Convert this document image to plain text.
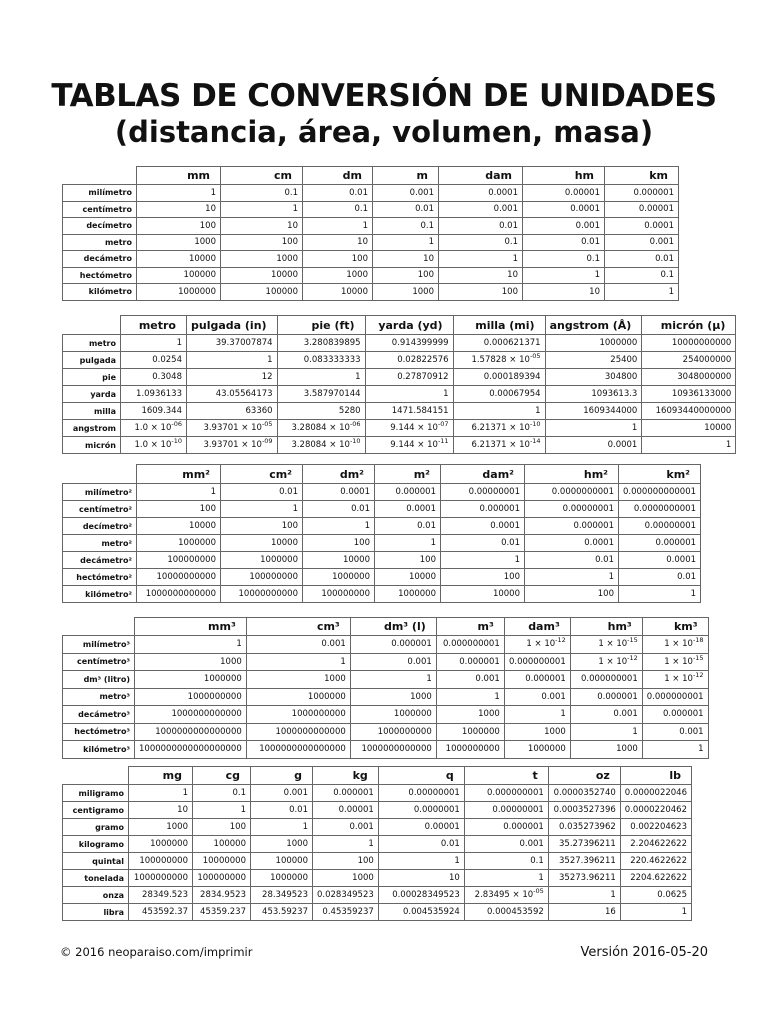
TABLAS DE CONVERSIÓN DE UNIDADES
(distancia, área, volumen, masa)
	mm	cm	dm	m	dam	hm	km
milímetro	1	0.1	0.01	0.001	0.0001	0.00001	0.000001
centímetro	10	1	0.1	0.01	0.001	0.0001	0.00001
decímetro	100	10	1	0.1	0.01	0.001	0.0001
metro	1000	100	10	1	0.1	0.01	0.001
decámetro	10000	1000	100	10	1	0.1	0.01
hectómetro	100000	10000	1000	100	10	1	0.1
kilómetro	1000000	100000	10000	1000	100	10	1
	metro	pulgada (in)	pie (ft)	yarda (yd)	milla (mi)	angstrom (Å)	micrón (µ)
metro	1	39.37007874	3.280839895	0.914399999	0.000621371	1000000	10000000000
pulgada	0.0254	1	0.083333333	0.02822576	$1.57828 \times 10^{-05}$	25400	254000000
pie	0.3048	12	1	0.27870912	0.000189394	304800	3048000000
yarda	1.0936133	43.05564173	3.587970144	1	0.00067954	1093613.3	10936133000
milla	1609.344	63360	5280	1471.584151	1	1609344000	16093440000000
angstrom	$1.0 \times 10^{-06}$	$3.93701 \times 10^{-05}$	$3.28084 \times 10^{-06}$	$9.144 \times 10^{-07}$	$6.21371 \times 10^{-10}$	1	10000
micrón	$1.0 \times 10^{-10}$	$3.93701 \times 10^{-09}$	$3.28084 \times 10^{-10}$	$9.144 \times 10^{-11}$	$6.21371 \times 10^{-14}$	0.0001	1
	mm²	cm²	dm²	m²	dam²	hm²	km²
milímetro²	1	0.01	0.0001	0.000001	0.00000001	0.0000000001	0.000000000001
centímetro²	100	1	0.01	0.0001	0.000001	0.00000001	0.0000000001
decímetro²	10000	100	1	0.01	0.0001	0.000001	0.00000001
metro²	1000000	10000	100	1	0.01	0.0001	0.000001
decámetro²	100000000	1000000	10000	100	1	0.01	0.0001
hectómetro²	10000000000	100000000	1000000	10000	100	1	0.01
kilómetro²	1000000000000	10000000000	100000000	1000000	10000	100	1
	mm³	cm³	dm³ (l)	m³	dam³	hm³	km³
milímetro³	1	0.001	0.000001	0.000000001	$1 \times 10^{-12}$	$1 \times 10^{-15}$	$1 \times 10^{-18}$
centímetro³	1000	1	0.001	0.000001	0.000000001	$1 \times 10^{-12}$	$1 \times 10^{-15}$
dm³ (litro)	1000000	1000	1	0.001	0.000001	0.000000001	$1 \times 10^{-12}$
metro³	1000000000	1000000	1000	1	0.001	0.000001	0.000000001
decámetro³	1000000000000	1000000000	1000000	1000	1	0.001	0.000001
hectómetro³	1000000000000000	1000000000000	1000000000	1000000	1000	1	0.001
kilómetro³	1000000000000000000	1000000000000000	1000000000000	1000000000	1000000	1000	1
	mg	cg	g	kg	q	t	oz	lb
miligramo	1	0.1	0.001	0.000001	0.00000001	0.000000001	0.0000352740	0.0000022046
centigramo	10	1	0.01	0.00001	0.0000001	0.00000001	0.0003527396	0.0000220462
gramo	1000	100	1	0.001	0.00001	0.000001	0.035273962	0.002204623
kilogramo	1000000	100000	1000	1	0.01	0.001	35.27396211	2.204622622
quintal	100000000	10000000	100000	100	1	0.1	3527.396211	220.4622622
tonelada	1000000000	100000000	1000000	1000	10	1	35273.96211	2204.622622
onza	28349.523	2834.9523	28.349523	0.028349523	0.00028349523	$2.83495 \times 10^{-05}$	1	0.0625
libra	453592.37	45359.237	453.59237	0.45359237	0.004535924	0.000453592	16	1
© 2016 neoparaiso.com/imprimir	Versión 2016-05-20
